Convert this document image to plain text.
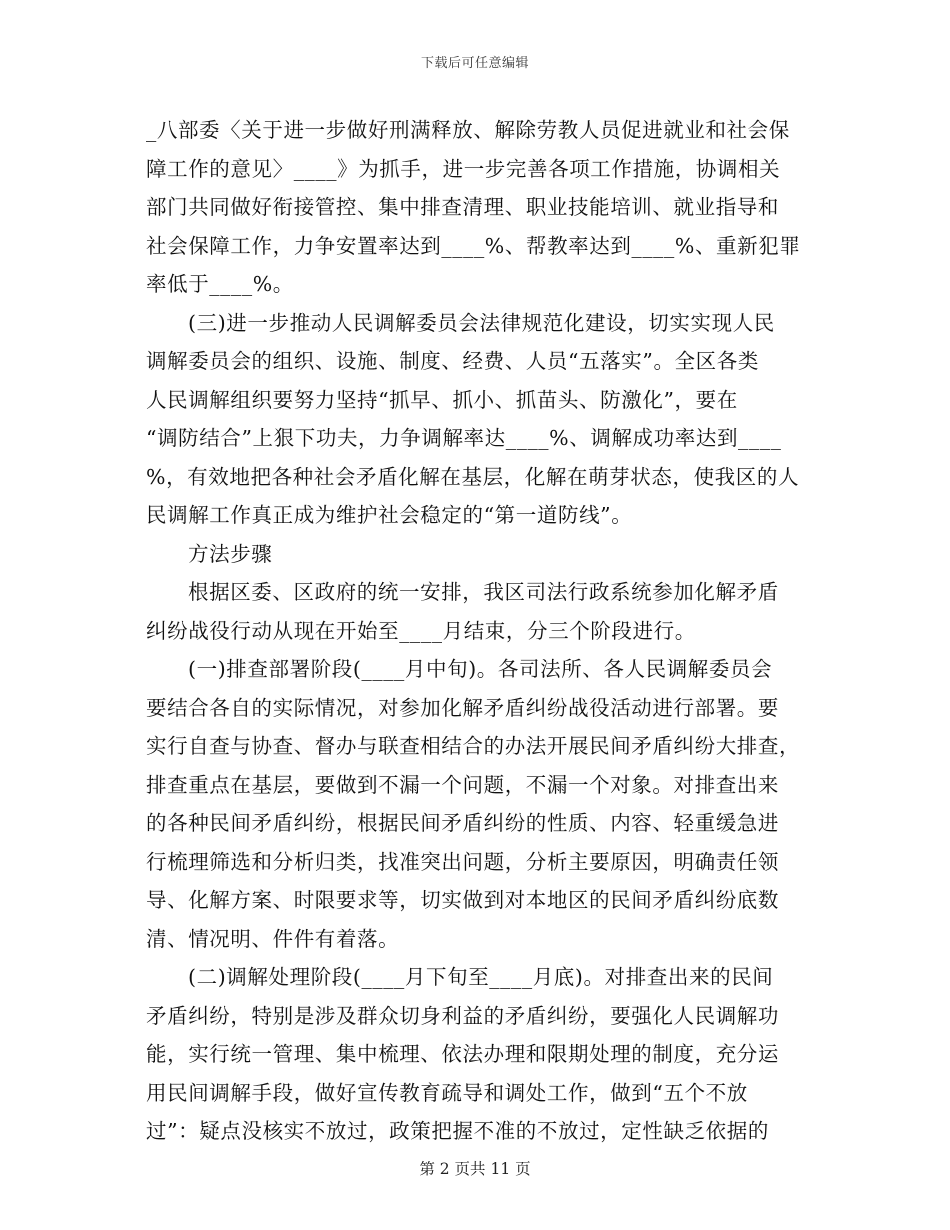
下载后可任意编辑
_八部委〈关于进一步做好刑满释放、解除劳教人员促进就业和社会保
障工作的意见〉____》为抓手，进一步完善各项工作措施，协调相关
部门共同做好衔接管控、集中排查清理、职业技能培训、就业指导和
社会保障工作，力争安置率达到____%、帮教率达到____%、重新犯罪
率低于____%。
(三)进一步推动人民调解委员会法律规范化建设，切实实现人民
调解委员会的组织、设施、制度、经费、人员“五落实”。全区各类
人民调解组织要努力坚持“抓早、抓小、抓苗头、防激化”，要在
“调防结合”上狠下功夫，力争调解率达____%、调解成功率达到____
%，有效地把各种社会矛盾化解在基层，化解在萌芽状态，使我区的人
民调解工作真正成为维护社会稳定的“第一道防线”。
方法步骤
根据区委、区政府的统一安排，我区司法行政系统参加化解矛盾
纠纷战役行动从现在开始至____月结束，分三个阶段进行。
(一)排查部署阶段(____月中旬)。各司法所、各人民调解委员会
要结合各自的实际情况，对参加化解矛盾纠纷战役活动进行部署。要
实行自查与协查、督办与联查相结合的办法开展民间矛盾纠纷大排查，
排查重点在基层，要做到不漏一个问题，不漏一个对象。对排查出来
的各种民间矛盾纠纷，根据民间矛盾纠纷的性质、内容、轻重缓急进
行梳理筛选和分析归类，找准突出问题，分析主要原因，明确责任领
导、化解方案、时限要求等，切实做到对本地区的民间矛盾纠纷底数
清、情况明、件件有着落。
(二)调解处理阶段(____月下旬至____月底)。对排查出来的民间
矛盾纠纷，特别是涉及群众切身利益的矛盾纠纷，要强化人民调解功
能，实行统一管理、集中梳理、依法办理和限期处理的制度，充分运
用民间调解手段，做好宣传教育疏导和调处工作，做到“五个不放
过”：疑点没核实不放过，政策把握不准的不放过，定性缺乏依据的
第 2 页共 11 页
